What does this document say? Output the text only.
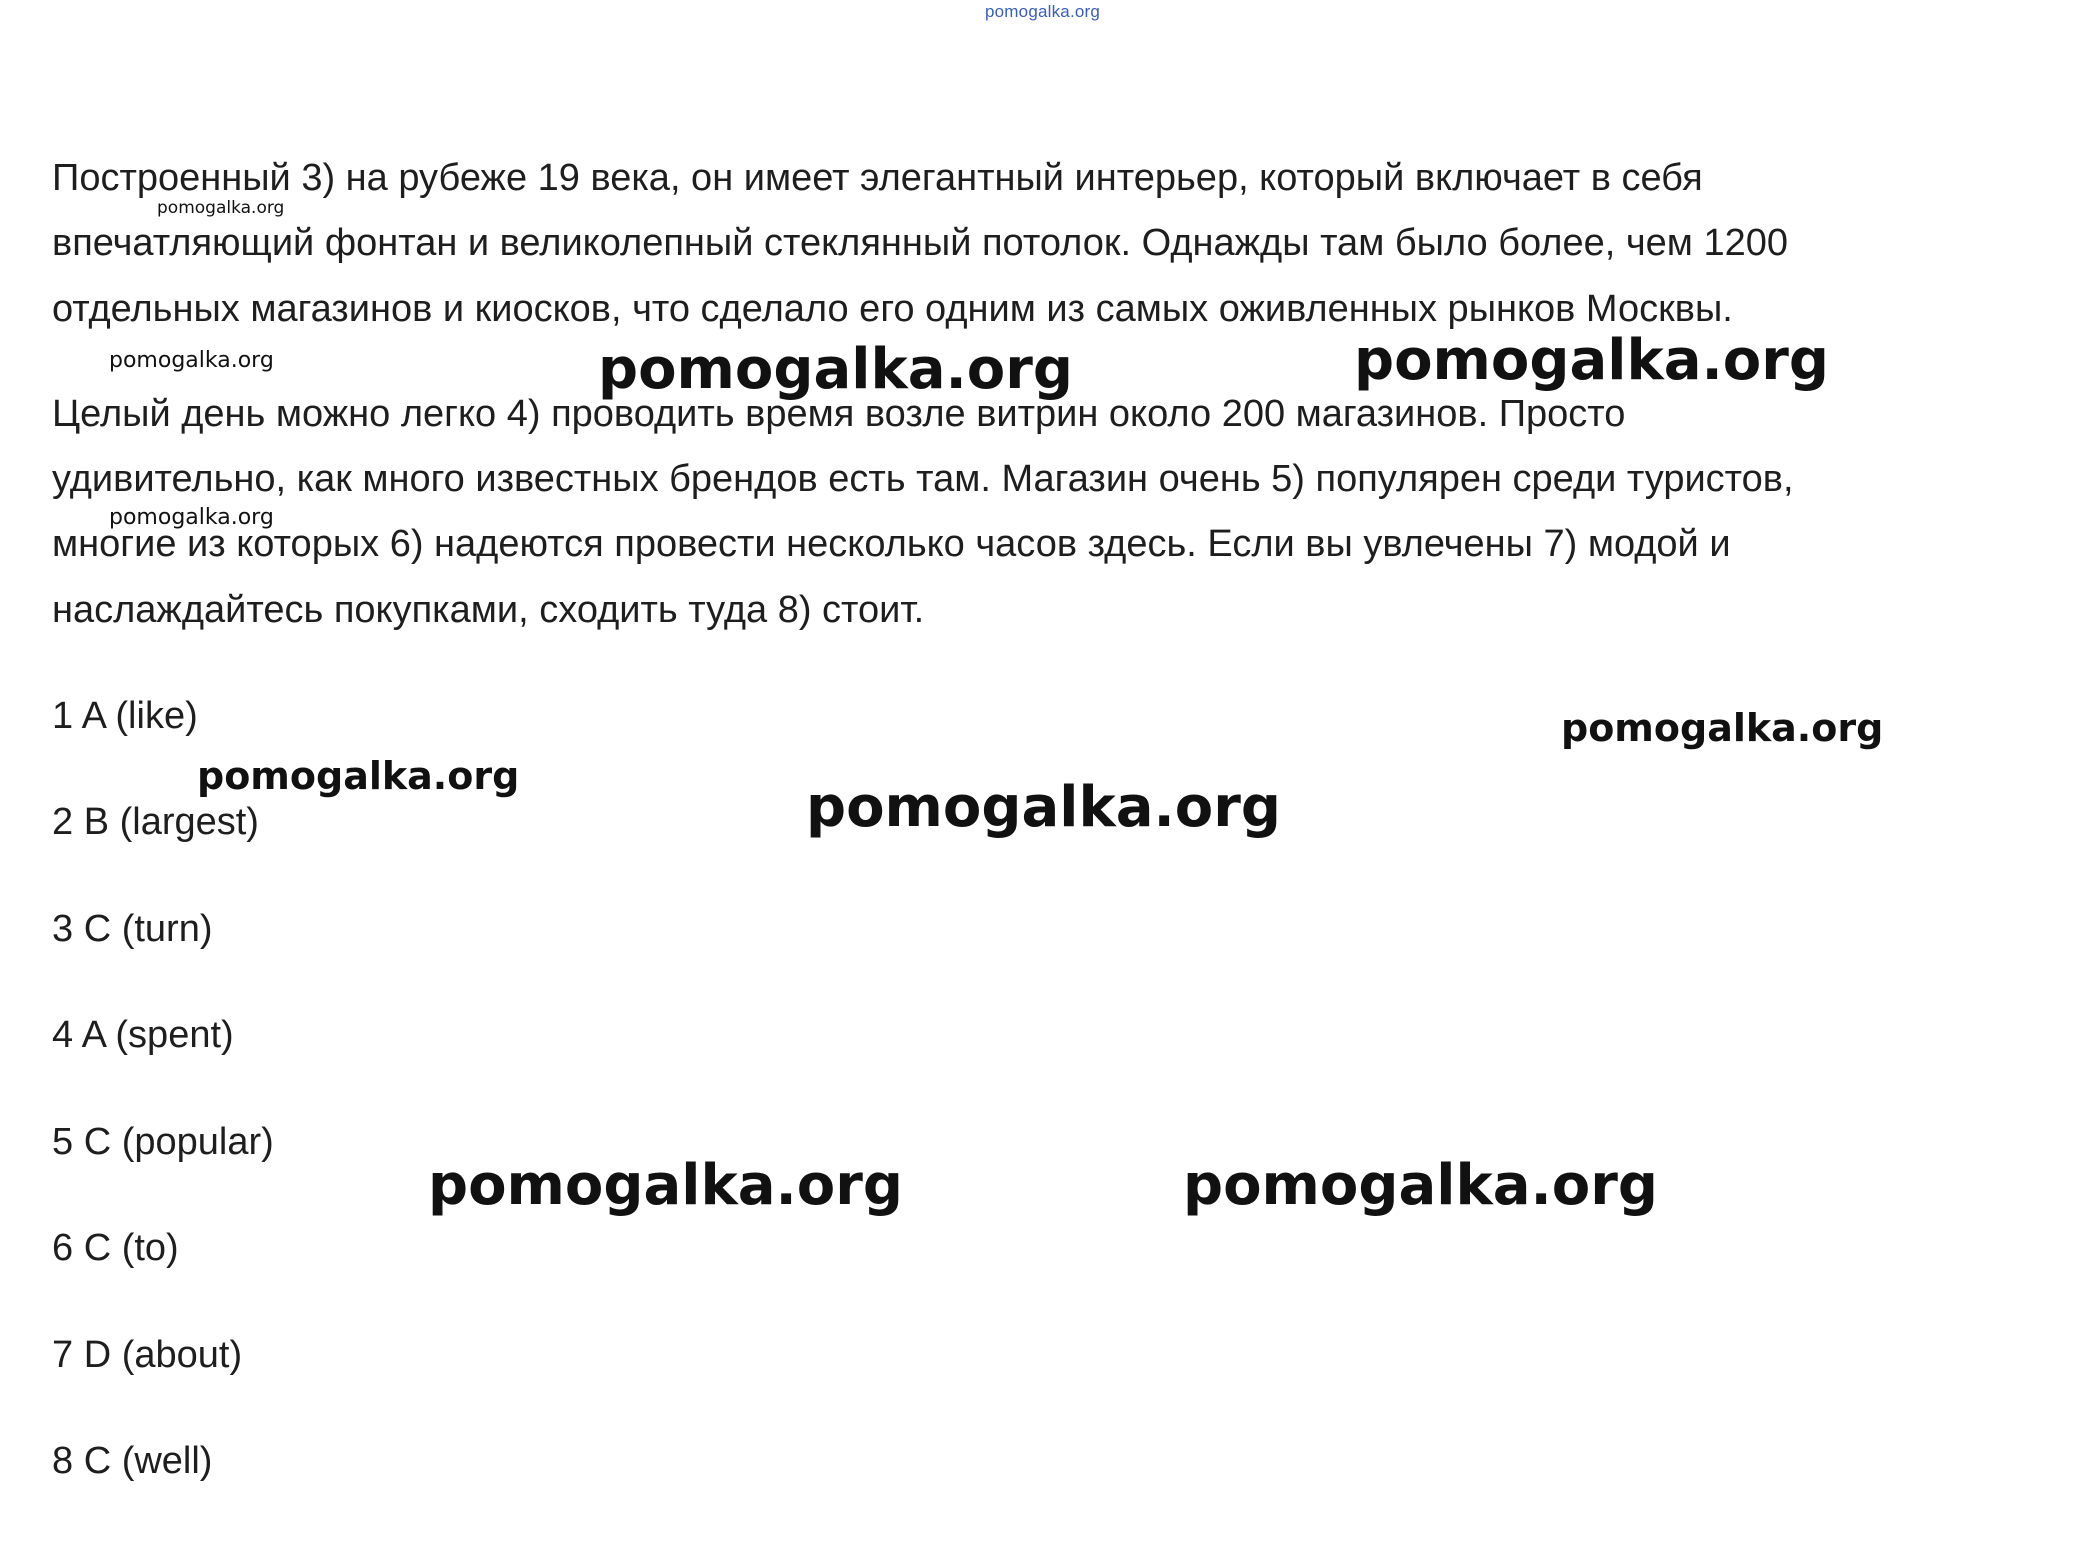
pomogalka.org
Построенный 3) на рубеже 19 века, он имеет элегантный интерьер, который включает в себя
впечатляющий фонтан и великолепный стеклянный потолок. Однажды там было более, чем 1200
отдельных магазинов и киосков, что сделало его одним из самых оживленных рынков Москвы.
Целый день можно легко 4) проводить время возле витрин около 200 магазинов. Просто
удивительно, как много известных брендов есть там. Магазин очень 5) популярен среди туристов,
многие из которых 6) надеются провести несколько часов здесь. Если вы увлечены 7) модой и
наслаждайтесь покупками, сходить туда 8) стоит.
1 A (like)
2 B (largest)
3 C (turn)
4 A (spent)
5 C (popular)
6 C (to)
7 D (about)
8 C (well)
pomogalka.org
pomogalka.org	pomogalka.org	pomogalka.org
pomogalka.org
pomogalka.org
pomogalka.org	pomogalka.org
pomogalka.org	pomogalka.org
